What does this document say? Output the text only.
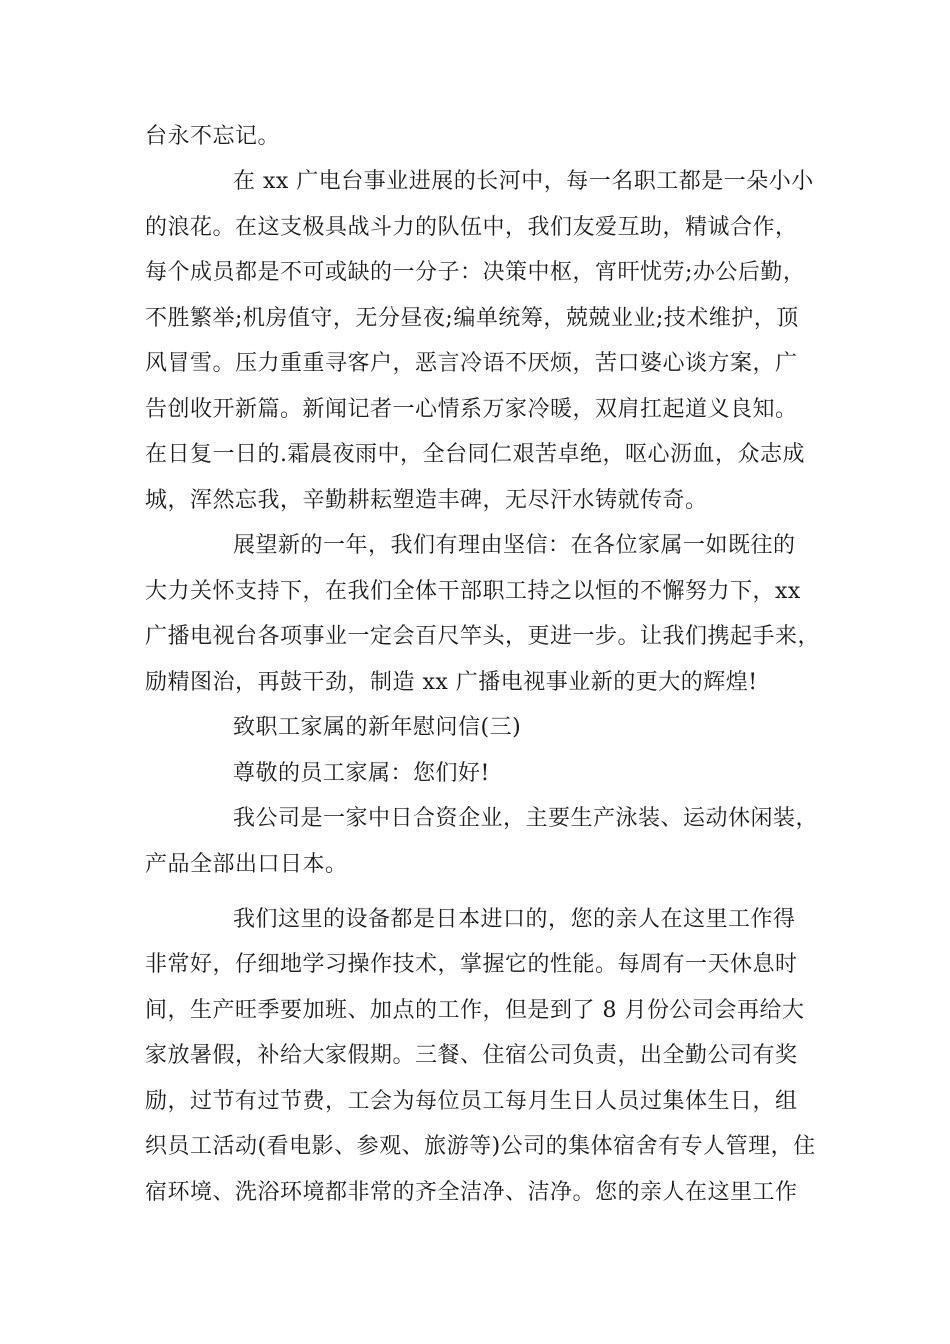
台永不忘记。
在 xx 广电台事业进展的长河中，每一名职工都是一朵小小
的浪花。在这支极具战斗力的队伍中，我们友爱互助，精诚合作，
每个成员都是不可或缺的一分子：决策中枢，宵旰忧劳;办公后勤，
不胜繁举;机房值守，无分昼夜;编单统筹，兢兢业业;技术维护，顶
风冒雪。压力重重寻客户，恶言冷语不厌烦，苦口婆心谈方案，广
告创收开新篇。新闻记者一心情系万家冷暖，双肩扛起道义良知。
在日复一日的.霜晨夜雨中，全台同仁艰苦卓绝，呕心沥血，众志成
城，浑然忘我，辛勤耕耘塑造丰碑，无尽汗水铸就传奇。
展望新的一年，我们有理由坚信：在各位家属一如既往的
大力关怀支持下，在我们全体干部职工持之以恒的不懈努力下，xx
广播电视台各项事业一定会百尺竿头，更进一步。让我们携起手来，
励精图治，再鼓干劲，制造 xx 广播电视事业新的更大的辉煌!
致职工家属的新年慰问信(三)
尊敬的员工家属：您们好!
我公司是一家中日合资企业，主要生产泳装、运动休闲装，
产品全部出口日本。
我们这里的设备都是日本进口的，您的亲人在这里工作得
非常好，仔细地学习操作技术，掌握它的性能。每周有一天休息时
间，生产旺季要加班、加点的工作，但是到了 8 月份公司会再给大
家放暑假，补给大家假期。三餐、住宿公司负责，出全勤公司有奖
励，过节有过节费，工会为每位员工每月生日人员过集体生日，组
织员工活动(看电影、参观、旅游等)公司的集体宿舍有专人管理，住
宿环境、洗浴环境都非常的齐全洁净、洁净。您的亲人在这里工作
